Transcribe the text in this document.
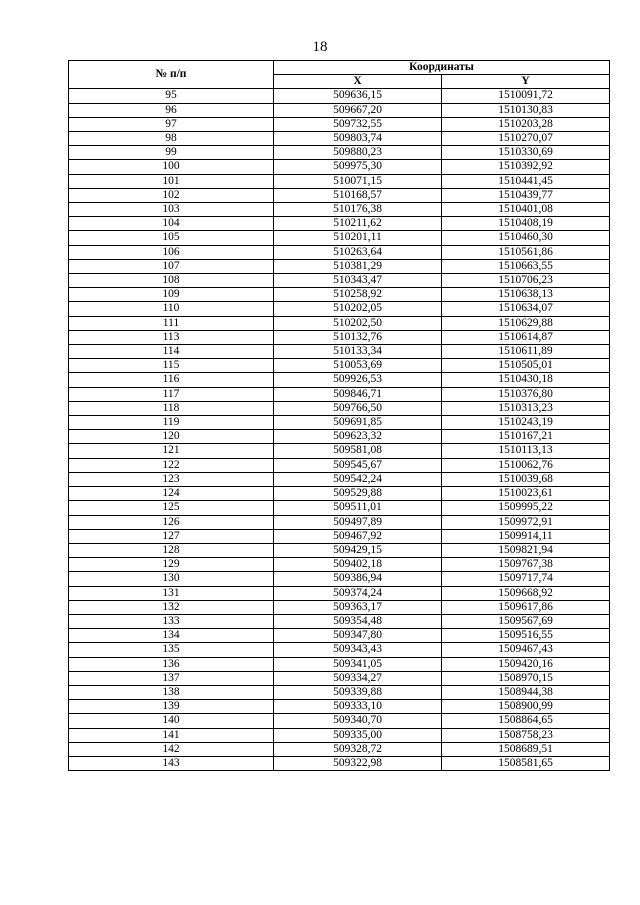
18
№ п/п	Координаты	
	X	Y
95	509636,15	1510091,72
96	509667,20	1510130,83
97	509732,55	1510203,28
98	509803,74	1510270,07
99	509880,23	1510330,69
100	509975,30	1510392,92
101	510071,15	1510441,45
102	510168,57	1510439,77
103	510176,38	1510401,08
104	510211,62	1510408,19
105	510201,11	1510460,30
106	510263,64	1510561,86
107	510381,29	1510663,55
108	510343,47	1510706,23
109	510258,92	1510638,13
110	510202,05	1510634,07
111	510202,50	1510629,88
113	510132,76	1510614,87
114	510133,34	1510611,89
115	510053,69	1510505,01
116	509926,53	1510430,18
117	509846,71	1510376,80
118	509766,50	1510313,23
119	509691,85	1510243,19
120	509623,32	1510167,21
121	509581,08	1510113,13
122	509545,67	1510062,76
123	509542,24	1510039,68
124	509529,88	1510023,61
125	509511,01	1509995,22
126	509497,89	1509972,91
127	509467,92	1509914,11
128	509429,15	1509821,94
129	509402,18	1509767,38
130	509386,94	1509717,74
131	509374,24	1509668,92
132	509363,17	1509617,86
133	509354,48	1509567,69
134	509347,80	1509516,55
135	509343,43	1509467,43
136	509341,05	1509420,16
137	509334,27	1508970,15
138	509339,88	1508944,38
139	509333,10	1508900,99
140	509340,70	1508864,65
141	509335,00	1508758,23
142	509328,72	1508689,51
143	509322,98	1508581,65
